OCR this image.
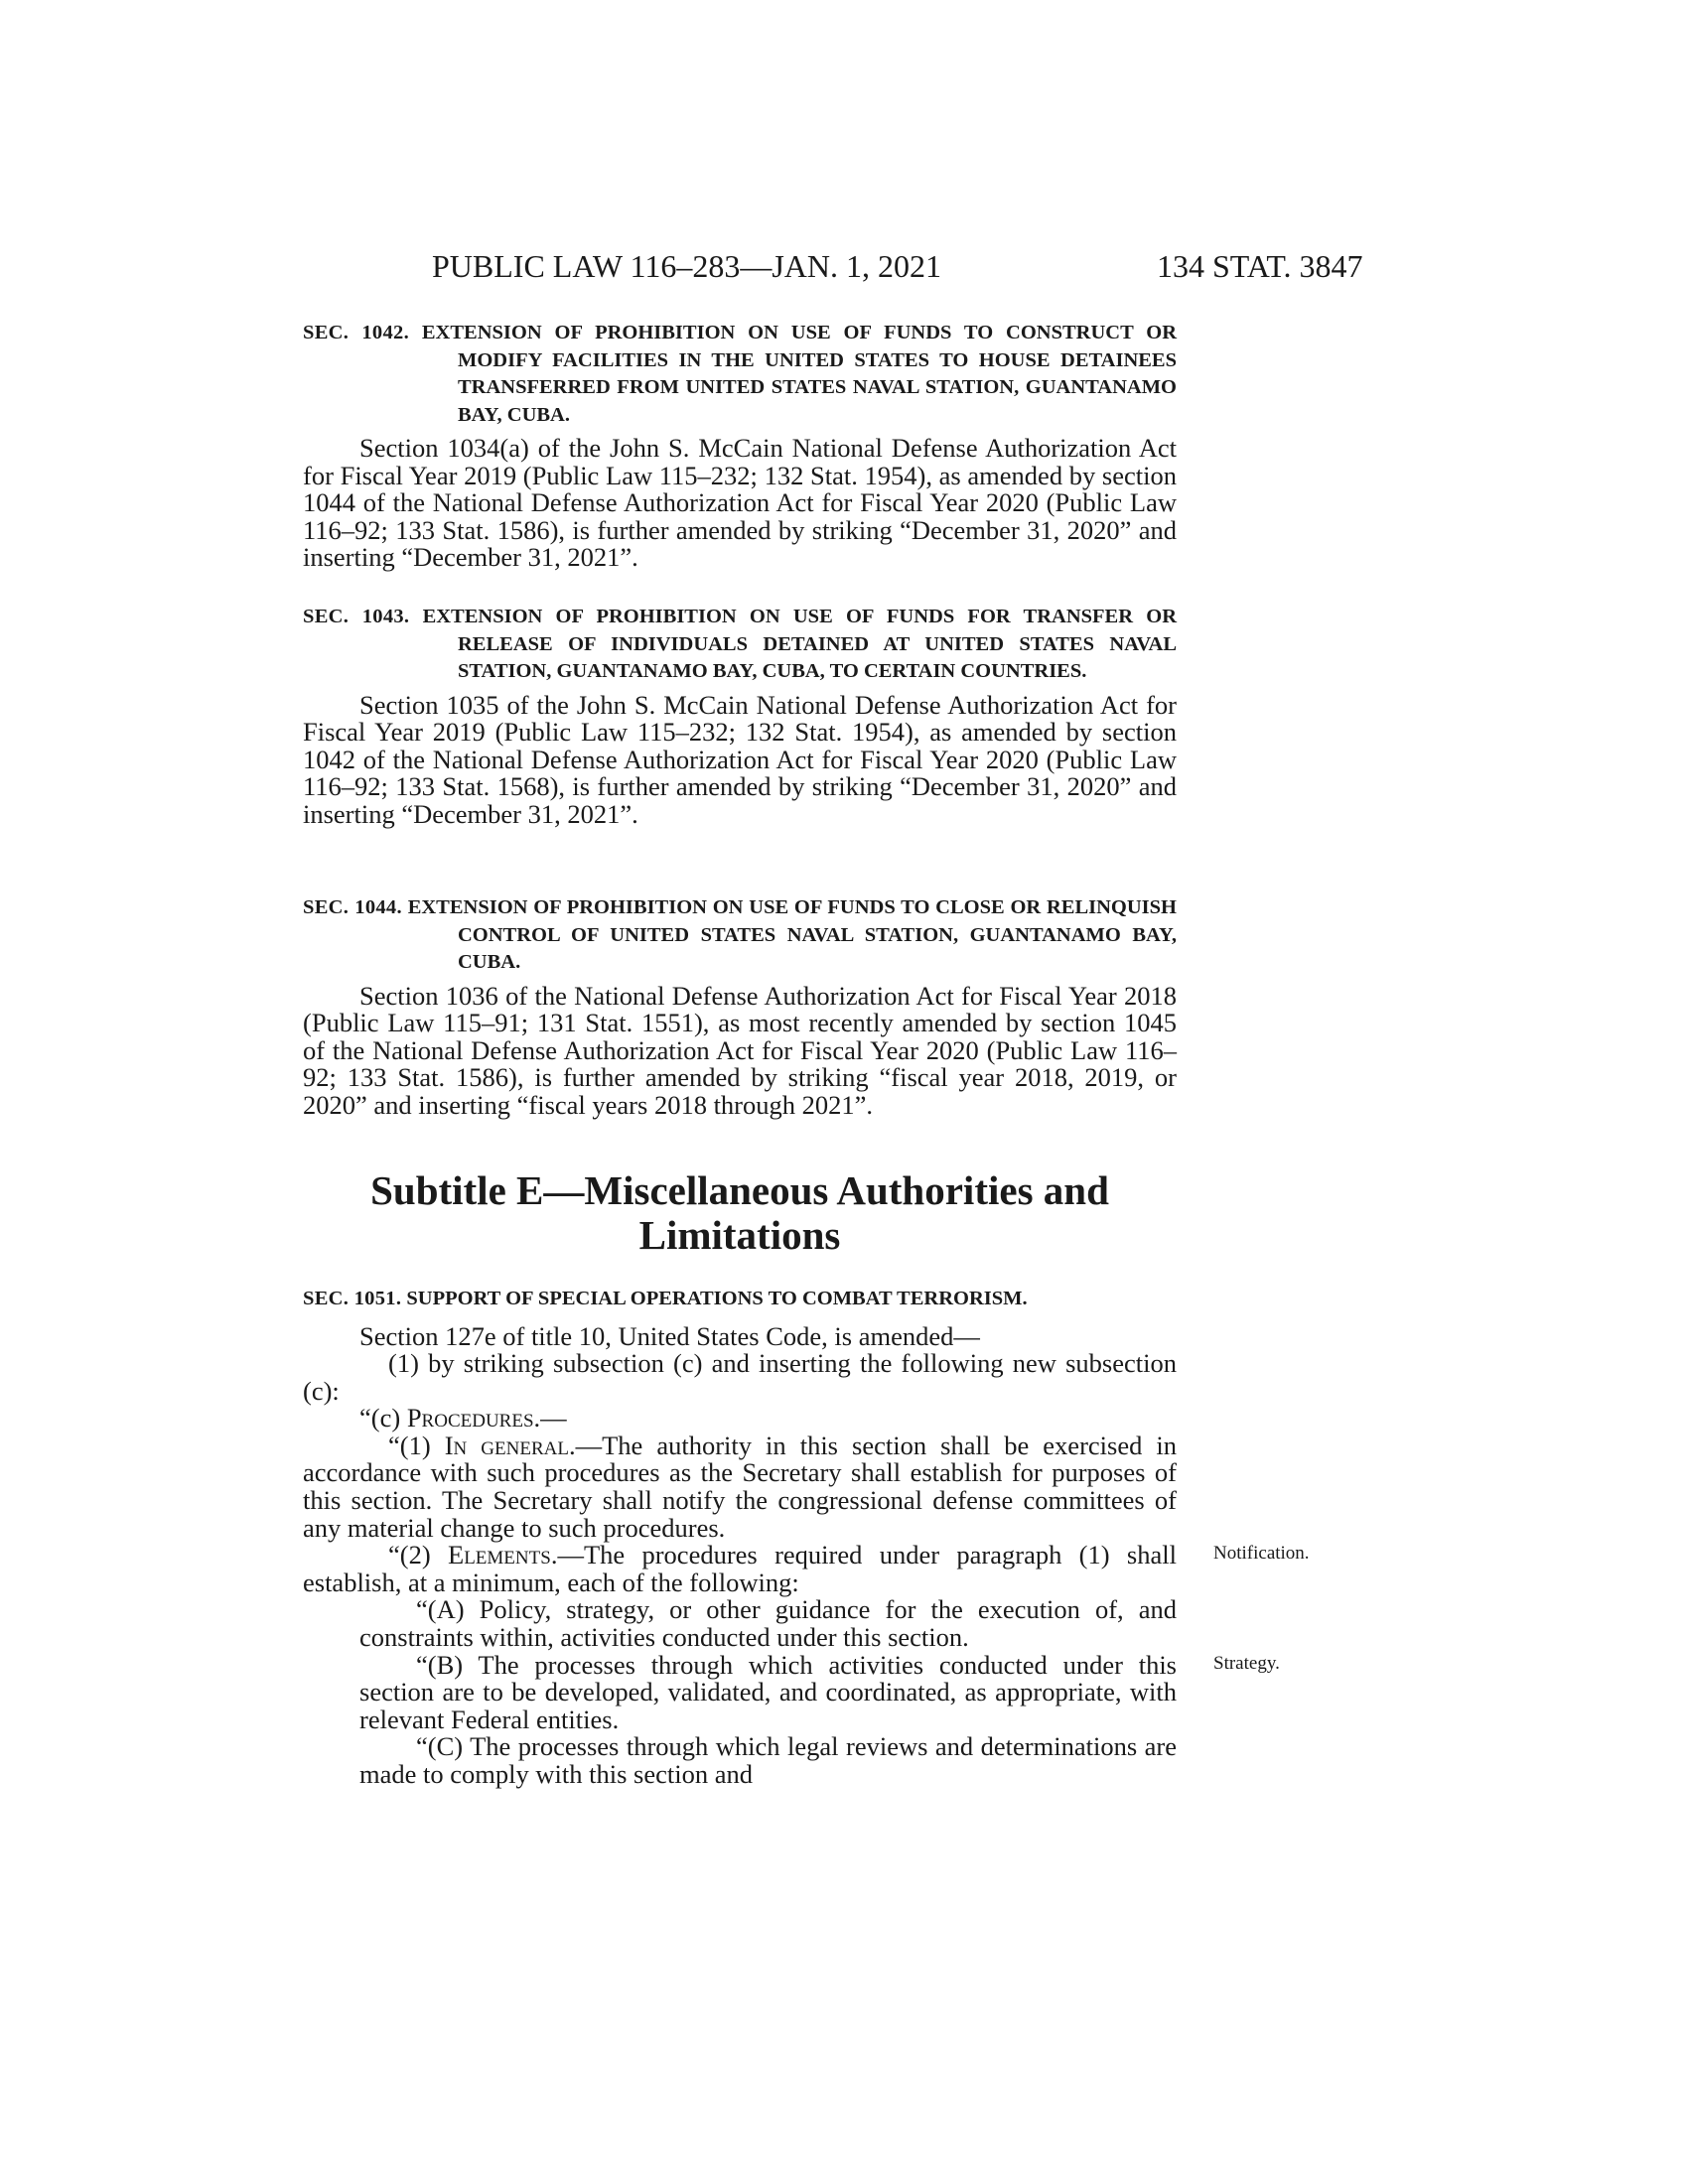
PUBLIC LAW 116–283—JAN. 1, 2021	134 STAT. 3847

SEC. 1042. EXTENSION OF PROHIBITION ON USE OF FUNDS TO CONSTRUCT OR MODIFY FACILITIES IN THE UNITED STATES TO HOUSE DETAINEES TRANSFERRED FROM UNITED STATES NAVAL STATION, GUANTANAMO BAY, CUBA.

Section 1034(a) of the John S. McCain National Defense Authorization Act for Fiscal Year 2019 (Public Law 115–232; 132 Stat. 1954), as amended by section 1044 of the National Defense Authorization Act for Fiscal Year 2020 (Public Law 116–92; 133 Stat. 1586), is further amended by striking “December 31, 2020” and inserting “December 31, 2021”.

SEC. 1043. EXTENSION OF PROHIBITION ON USE OF FUNDS FOR TRANSFER OR RELEASE OF INDIVIDUALS DETAINED AT UNITED STATES NAVAL STATION, GUANTANAMO BAY, CUBA, TO CERTAIN COUNTRIES.

Section 1035 of the John S. McCain National Defense Authorization Act for Fiscal Year 2019 (Public Law 115–232; 132 Stat. 1954), as amended by section 1042 of the National Defense Authorization Act for Fiscal Year 2020 (Public Law 116–92; 133 Stat. 1568), is further amended by striking “December 31, 2020” and inserting “December 31, 2021”.

SEC. 1044. EXTENSION OF PROHIBITION ON USE OF FUNDS TO CLOSE OR RELINQUISH CONTROL OF UNITED STATES NAVAL STATION, GUANTANAMO BAY, CUBA.

Section 1036 of the National Defense Authorization Act for Fiscal Year 2018 (Public Law 115–91; 131 Stat. 1551), as most recently amended by section 1045 of the National Defense Authorization Act for Fiscal Year 2020 (Public Law 116–92; 133 Stat. 1586), is further amended by striking “fiscal year 2018, 2019, or 2020” and inserting “fiscal years 2018 through 2021”.

Subtitle E—Miscellaneous Authorities and
Limitations

SEC. 1051. SUPPORT OF SPECIAL OPERATIONS TO COMBAT TERRORISM.

Section 127e of title 10, United States Code, is amended—

(1) by striking subsection (c) and inserting the following new subsection (c):

“(c) Procedures.—

“(1) In general.—The authority in this section shall be exercised in accordance with such procedures as the Secretary shall establish for purposes of this section. The Secretary shall notify the congressional defense committees of any material change to such procedures.

“(2) Elements.—The procedures required under paragraph (1) shall establish, at a minimum, each of the following:

“(A) Policy, strategy, or other guidance for the execution of, and constraints within, activities conducted under this section.

“(B) The processes through which activities conducted under this section are to be developed, validated, and coordinated, as appropriate, with relevant Federal entities.

“(C) The processes through which legal reviews and determinations are made to comply with this section and

Notification.
Strategy.
